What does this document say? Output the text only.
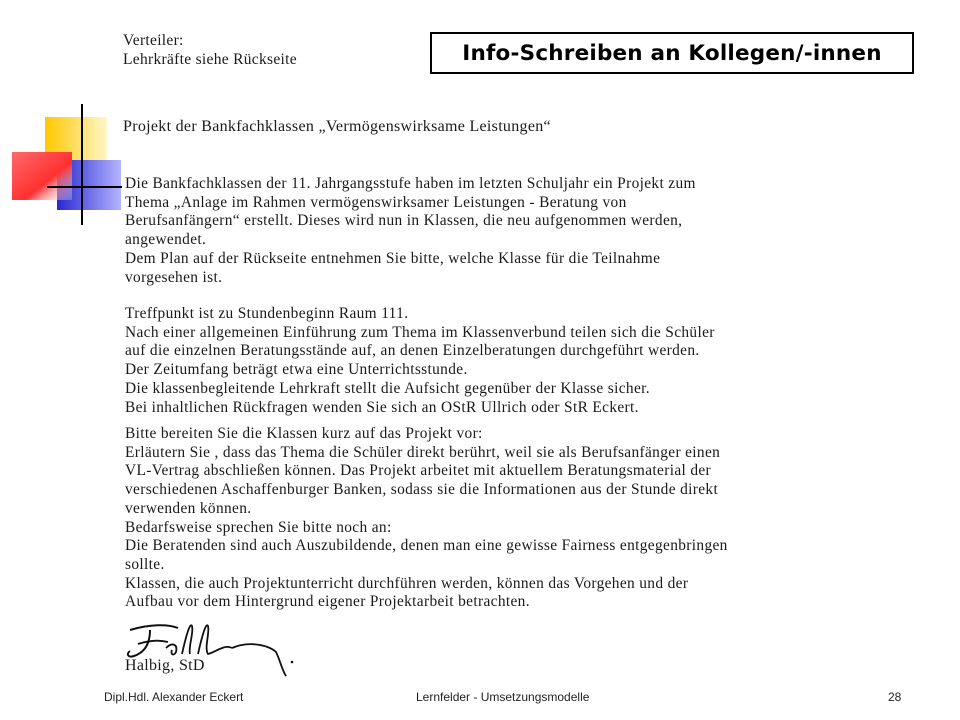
Verteiler:
Lehrkräfte siehe Rückseite	Info-Schreiben an Kollegen/-innen
Projekt der Bankfachklassen „Vermögenswirksame Leistungen“
Die Bankfachklassen der 11. Jahrgangsstufe haben im letzten Schuljahr ein Projekt zum
Thema „Anlage im Rahmen vermögenswirksamer Leistungen - Beratung von
Berufsanfängern“ erstellt. Dieses wird nun in Klassen, die neu aufgenommen werden,
angewendet.
Dem Plan auf der Rückseite entnehmen Sie bitte, welche Klasse für die Teilnahme
vorgesehen ist.
Treffpunkt ist zu Stundenbeginn Raum 111.
Nach einer allgemeinen Einführung zum Thema im Klassenverbund teilen sich die Schüler
auf die einzelnen Beratungsstände auf, an denen Einzelberatungen durchgeführt werden.
Der Zeitumfang beträgt etwa eine Unterrichtsstunde.
Die klassenbegleitende Lehrkraft stellt die Aufsicht gegenüber der Klasse sicher.
Bei inhaltlichen Rückfragen wenden Sie sich an OStR Ullrich oder StR Eckert.
Bitte bereiten Sie die Klassen kurz auf das Projekt vor:
Erläutern Sie , dass das Thema die Schüler direkt berührt, weil sie als Berufsanfänger einen
VL-Vertrag abschließen können. Das Projekt arbeitet mit aktuellem Beratungsmaterial der
verschiedenen Aschaffenburger Banken, sodass sie die Informationen aus der Stunde direkt
verwenden können.
Bedarfsweise sprechen Sie bitte noch an:
Die Beratenden sind auch Auszubildende, denen man eine gewisse Fairness entgegenbringen
sollte.
Klassen, die auch Projektunterricht durchführen werden, können das Vorgehen und der
Aufbau vor dem Hintergrund eigener Projektarbeit betrachten.
Halbig, StD
Dipl.Hdl. Alexander Eckert	Lernfelder - Umsetzungsmodelle	28
